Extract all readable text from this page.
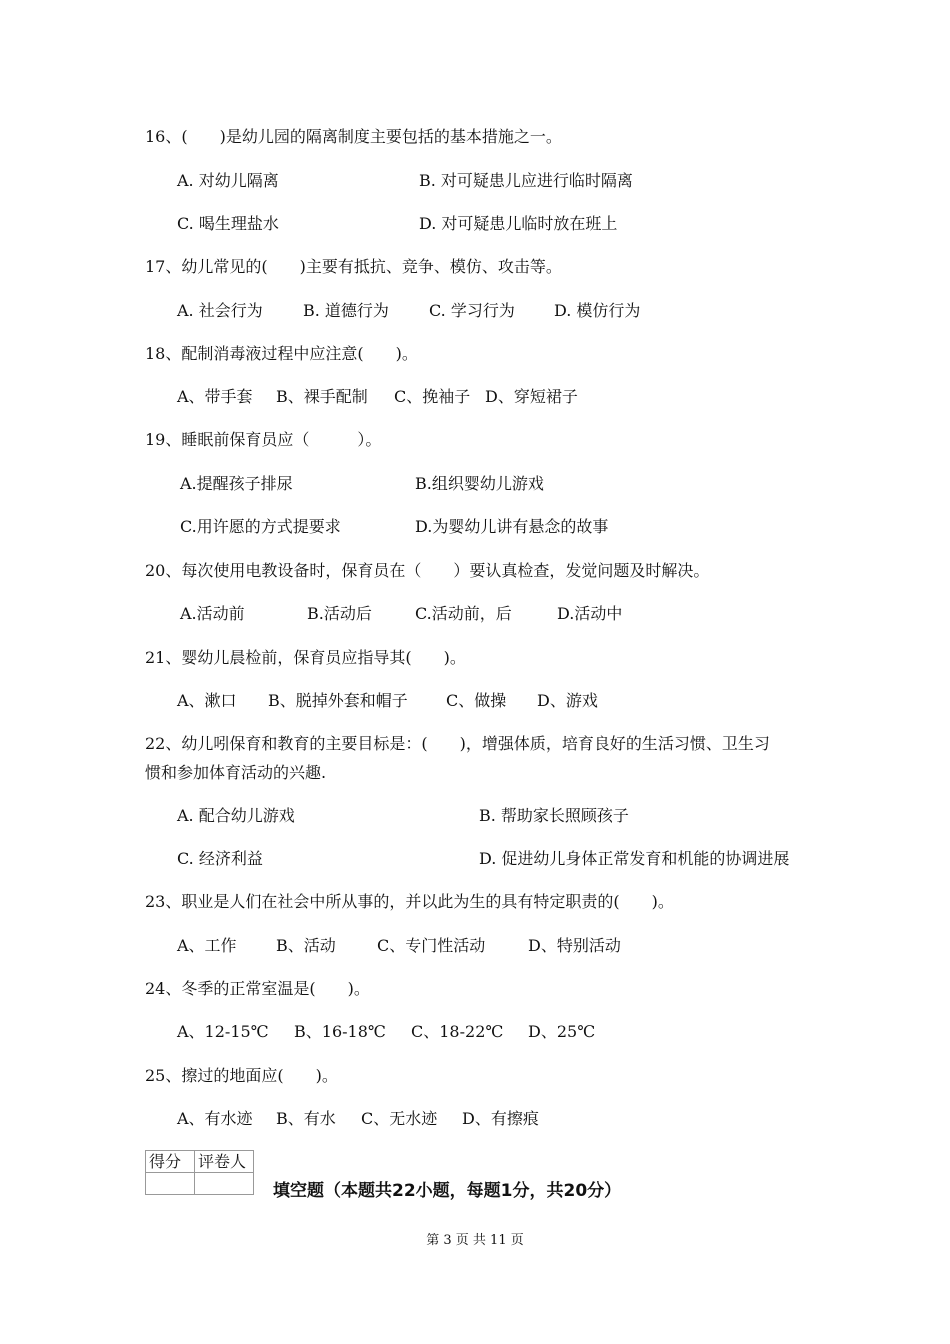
16、(　　)是幼儿园的隔离制度主要包括的基本措施之一。
A. 对幼儿隔离	B. 对可疑患儿应进行临时隔离
C. 喝生理盐水	D. 对可疑患儿临时放在班上
17、幼儿常见的(　　)主要有抵抗、竞争、模仿、攻击等。
A. 社会行为	B. 道德行为	C. 学习行为 D. 模仿行为
18、配制消毒液过程中应注意(　　)。
A、带手套 B、裸手配制 C、挽袖子 D、穿短裙子
19、睡眠前保育员应（　　　）。
A.提醒孩子排尿	B.组织婴幼儿游戏
C.用许愿的方式提要求	D.为婴幼儿讲有悬念的故事
20、每次使用电教设备时，保育员在（　　）要认真检查，发觉问题及时解决。
A.活动前	B.活动后	C.活动前，后	D.活动中
21、婴幼儿晨检前，保育员应指导其(　　)。
A、漱口 B、脱掉外套和帽子 C、做操 D、游戏
22、幼儿吲保育和教育的主要目标是：(　　)，增强体质，培育良好的生活习惯、卫生习
惯和参加体育活动的兴趣.
A. 配合幼儿游戏	B. 帮助家长照顾孩子
C. 经济利益	D. 促进幼儿身体正常发育和机能的协调进展
23、职业是人们在社会中所从事的，并以此为生的具有特定职责的(　　)。
A、工作 B、活动	C、专门性活动	D、特别活动
24、冬季的正常室温是(　　)。
A、12-15℃ B、16-18℃ C、18-22℃ D、25℃
25、擦过的地面应(　　)。
A、有水迹 B、有水 C、无水迹 D、有擦痕
得分	评卷人

填空题（本题共22小题，每题1分，共20分）
第 3 页 共 11 页
